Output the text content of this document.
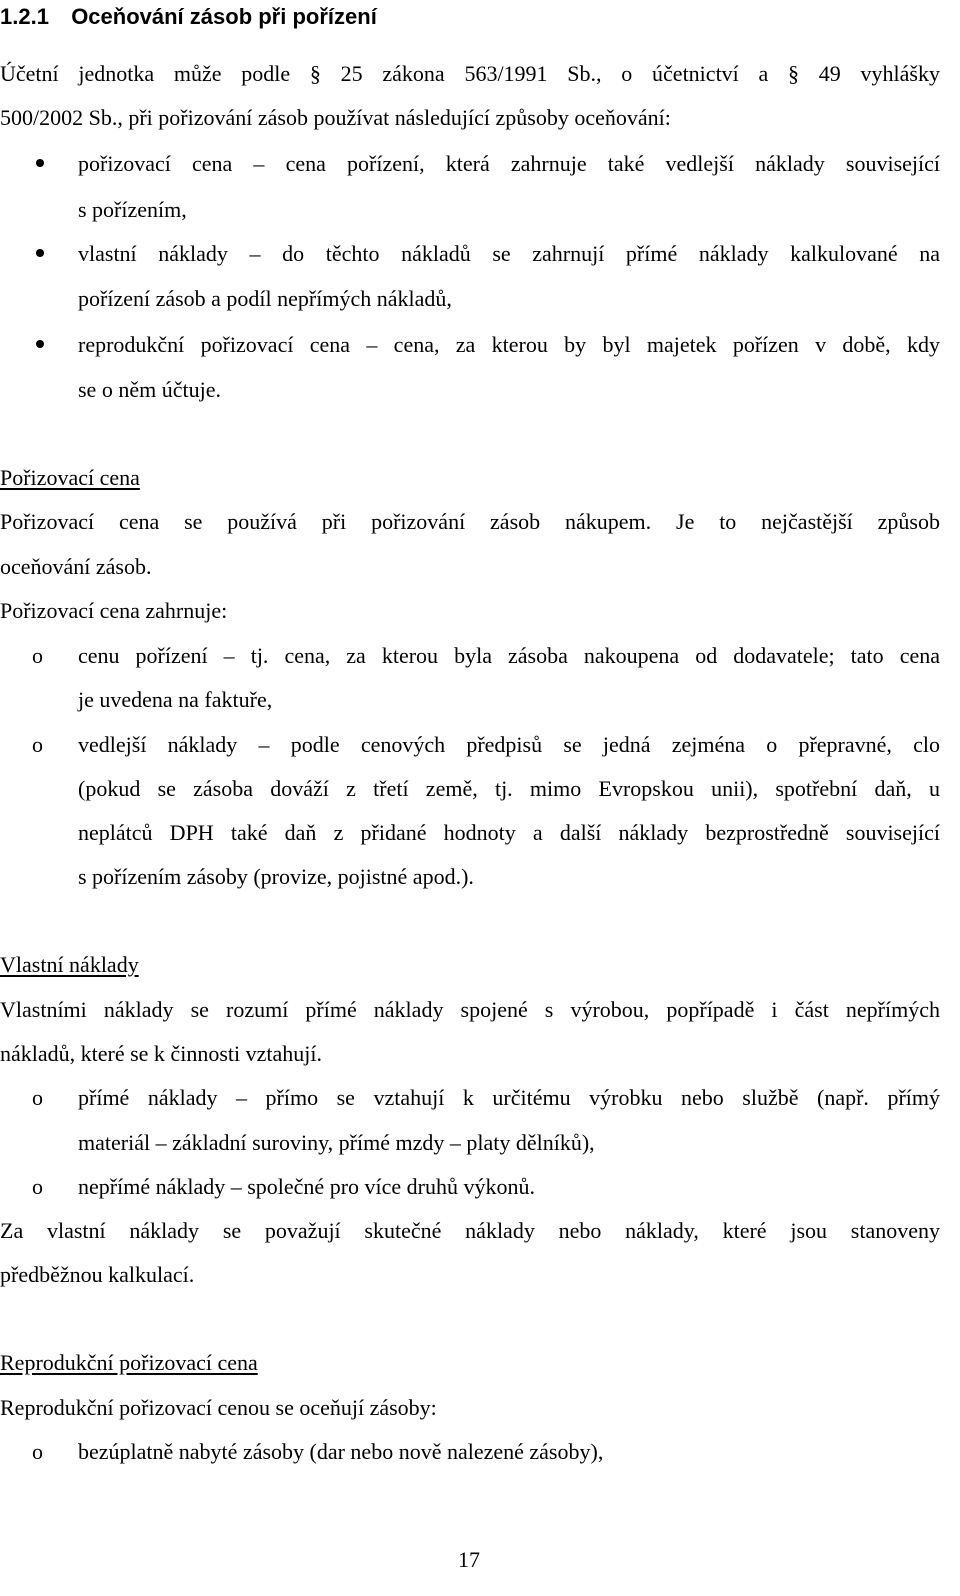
1.2.1 Oceňování zásob při pořízení
Účetní jednotka může podle § 25 zákona 563/1991 Sb., o účetnictví a § 49 vyhlášky
500/2002 Sb., při pořizování zásob používat následující způsoby oceňování:
pořizovací cena – cena pořízení, která zahrnuje také vedlejší náklady související
s pořízením,
vlastní náklady – do těchto nákladů se zahrnují přímé náklady kalkulované na
pořízení zásob a podíl nepřímých nákladů,
reprodukční pořizovací cena – cena, za kterou by byl majetek pořízen v době, kdy
se o něm účtuje.
Pořizovací cena
Pořizovací cena se používá při pořizování zásob nákupem. Je to nejčastější způsob
oceňování zásob.
Pořizovací cena zahrnuje:
o cenu pořízení – tj. cena, za kterou byla zásoba nakoupena od dodavatele; tato cena
je uvedena na faktuře,
o vedlejší náklady – podle cenových předpisů se jedná zejména o přepravné, clo
(pokud se zásoba dováží z třetí země, tj. mimo Evropskou unii), spotřební daň, u
neplátců DPH také daň z přidané hodnoty a další náklady bezprostředně související
s pořízením zásoby (provize, pojistné apod.).
Vlastní náklady
Vlastními náklady se rozumí přímé náklady spojené s výrobou, popřípadě i část nepřímých
nákladů, které se k činnosti vztahují.
o přímé náklady – přímo se vztahují k určitému výrobku nebo službě (např. přímý
materiál – základní suroviny, přímé mzdy – platy dělníků),
o nepřímé náklady – společné pro více druhů výkonů.
Za vlastní náklady se považují skutečné náklady nebo náklady, které jsou stanoveny
předběžnou kalkulací.
Reprodukční pořizovací cena
Reprodukční pořizovací cenou se oceňují zásoby:
o bezúplatně nabyté zásoby (dar nebo nově nalezené zásoby),
17
